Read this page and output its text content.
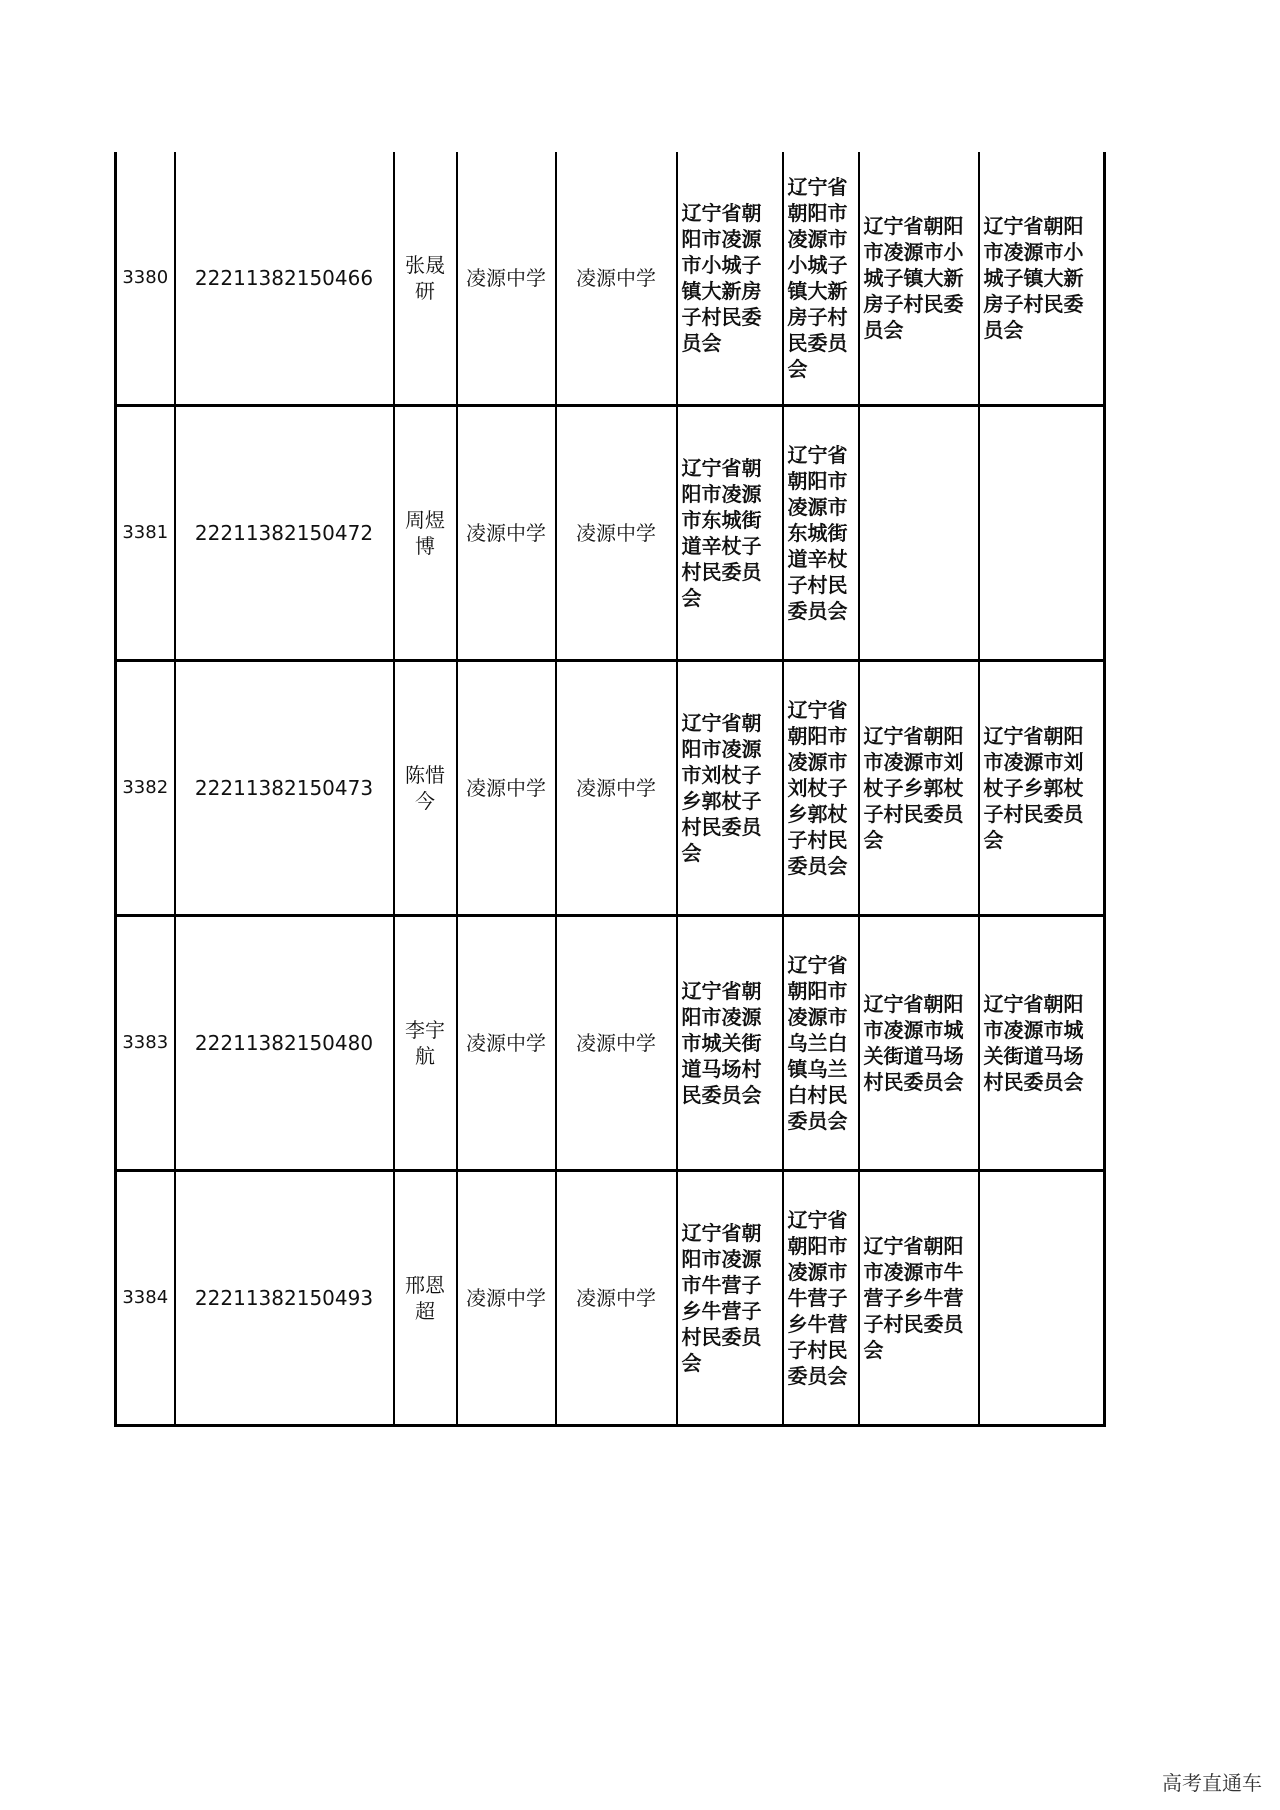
3380	22211382150466	张晟研	凌源中学	凌源中学	辽宁省朝阳市凌源市小城子镇大新房子村民委员会	辽宁省朝阳市凌源市小城子镇大新房子村民委员会	辽宁省朝阳市凌源市小城子镇大新房子村民委员会	辽宁省朝阳市凌源市小城子镇大新房子村民委员会
3381	22211382150472	周煜博	凌源中学	凌源中学	辽宁省朝阳市凌源市东城街道辛杖子村民委员会	辽宁省朝阳市凌源市东城街道辛杖子村民委员会		
3382	22211382150473	陈惜今	凌源中学	凌源中学	辽宁省朝阳市凌源市刘杖子乡郭杖子村民委员会	辽宁省朝阳市凌源市刘杖子乡郭杖子村民委员会	辽宁省朝阳市凌源市刘杖子乡郭杖子村民委员会	辽宁省朝阳市凌源市刘杖子乡郭杖子村民委员会
3383	22211382150480	李宇航	凌源中学	凌源中学	辽宁省朝阳市凌源市城关街道马场村民委员会	辽宁省朝阳市凌源市乌兰白镇乌兰白村民委员会	辽宁省朝阳市凌源市城关街道马场村民委员会	辽宁省朝阳市凌源市城关街道马场村民委员会
3384	22211382150493	邢恩超	凌源中学	凌源中学	辽宁省朝阳市凌源市牛营子乡牛营子村民委员会	辽宁省朝阳市凌源市牛营子乡牛营子村民委员会	辽宁省朝阳市凌源市牛营子乡牛营子村民委员会	
高考直通车
